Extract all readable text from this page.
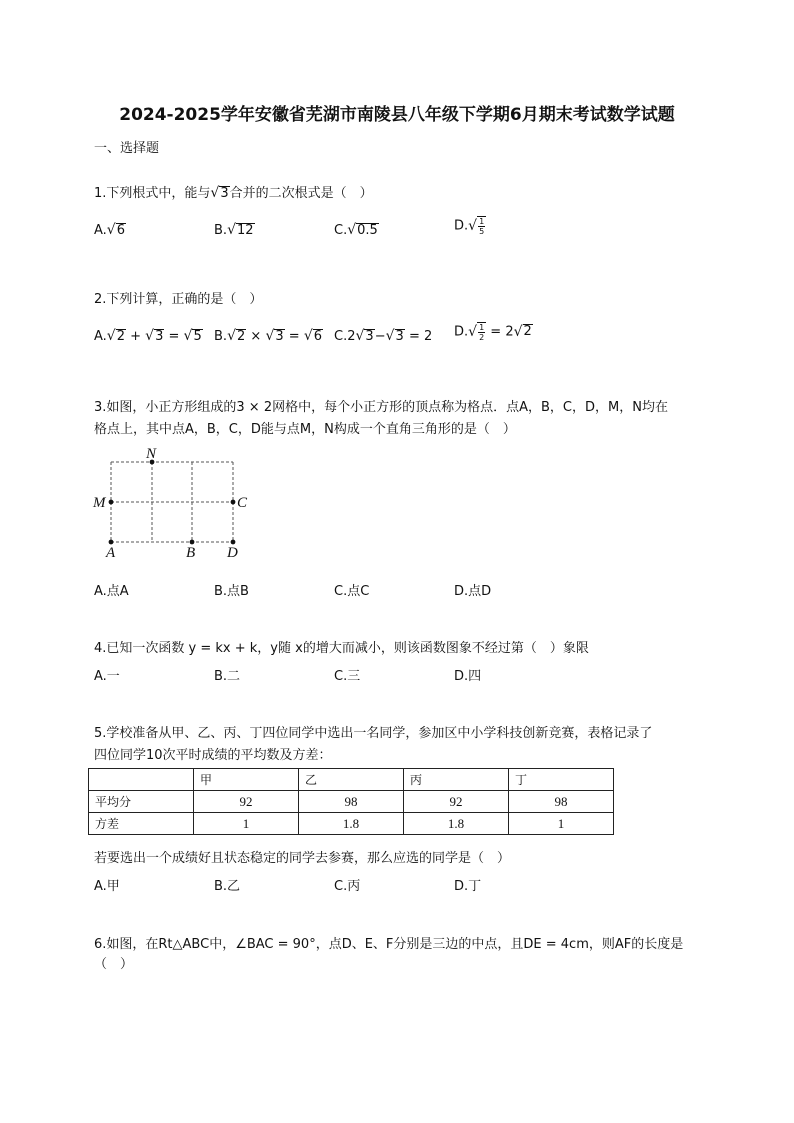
2024-2025学年安徽省芜湖市南陵县八年级下学期6月期末考试数学试题
一、选择题
1.下列根式中，能与√3合并的二次根式是（　）
A.√6	B.√12	C.√0.5	$D.√ \frac{1}{5}$
2.下列计算，正确的是（　）
A.√2 + √3 = √5 B.√2 × √3 = √6 C.2√3−√3 = 2 $D.√ \frac{1}{2} = 2√2$
3.如图，小正方形组成的3 × 2网格中，每个小正方形的顶点称为格点．点A，B，C，D，M，N均在
格点上，其中点A，B，C，D能与点M，N构成一个直角三角形的是（　）
N
M	C
A	B D
A.点A	B.点B	C.点C	D.点D
4.已知一次函数 y = kx + k，y随 x的增大而减小，则该函数图象不经过第（　）象限
A.一	B.二	C.三	D.四
5.学校准备从甲、乙、丙、丁四位同学中选出一名同学，参加区中小学科技创新竞赛，表格记录了
四位同学10次平时成绩的平均数及方差：
	甲	乙	丙	丁
平均分	92	98	92	98
方差	1	1.8	1.8	1
若要选出一个成绩好且状态稳定的同学去参赛，那么应选的同学是（　）
A.甲	B.乙	C.丙	D.丁
6.如图，在Rt△ABC中，∠BAC = 90°，点D、E、F分别是三边的中点，且DE = 4cm，则AF的长度是
（　）
